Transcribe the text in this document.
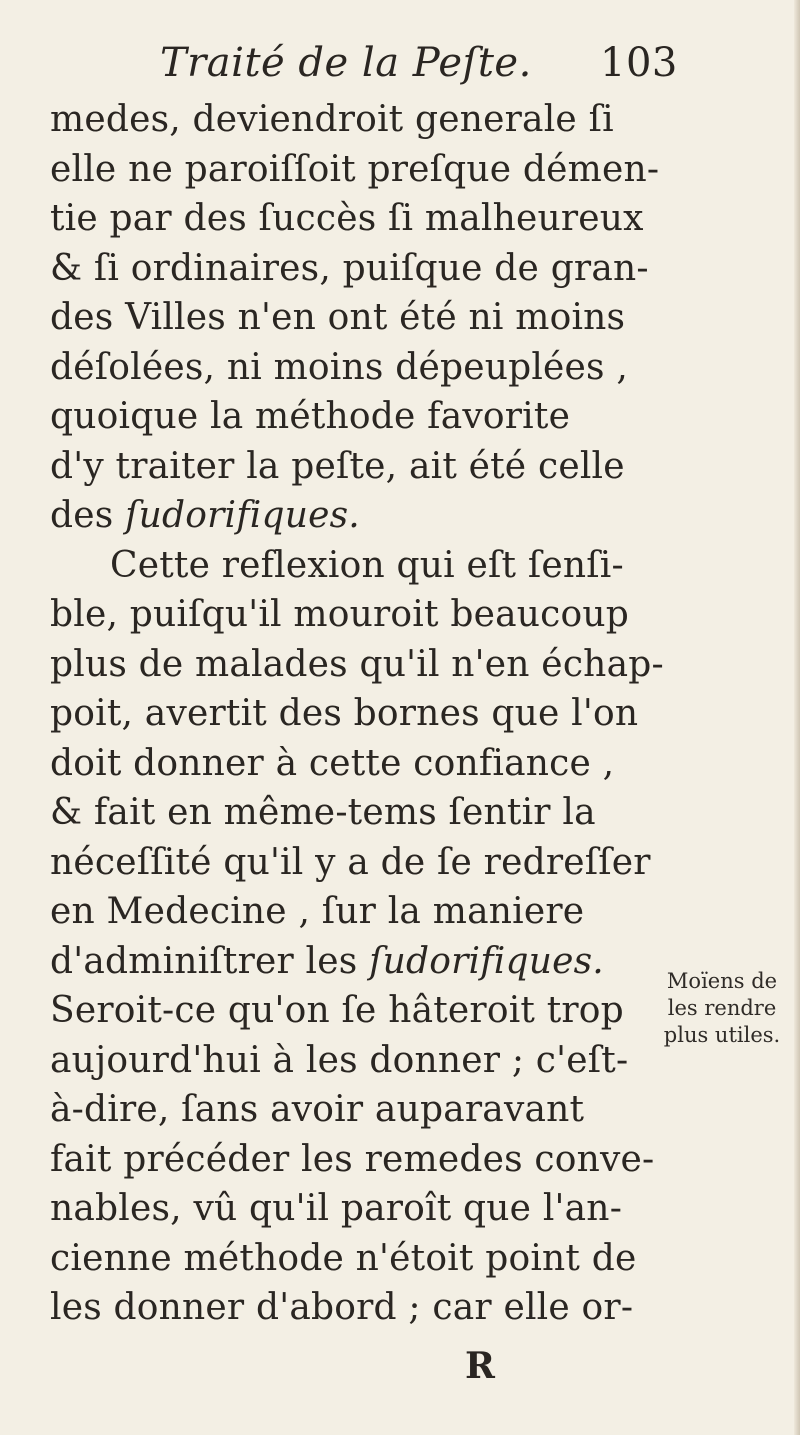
Traité de la Peſte. 103
medes, deviendroit generale ſi
elle ne paroiſſoit preſque démen-
tie par des ſuccès ſi malheureux
& ſi ordinaires, puiſque de gran-
des Villes n'en ont été ni moins
déſolées, ni moins dépeuplées ,
quoique la méthode favorite
d'y traiter la peſte, ait été celle
des ſudorifiques.
Cette reflexion qui eſt ſenſi-
ble, puiſqu'il mouroit beaucoup
plus de malades qu'il n'en échap-
poit, avertit des bornes que l'on
doit donner à cette confiance ,
& fait en même-tems ſentir la
néceſſité qu'il y a de ſe redreſſer
en Medecine , ſur la maniere
d'adminiſtrer les ſudorifiques.
Seroit-ce qu'on ſe hâteroit trop
aujourd'hui à les donner ; c'eſt-
à-dire, ſans avoir auparavant
fait précéder les remedes conve-
nables, vû qu'il paroît que l'an-
cienne méthode n'étoit point de
les donner d'abord ; car elle or-
Moïens de
les rendre
plus utiles.
R
